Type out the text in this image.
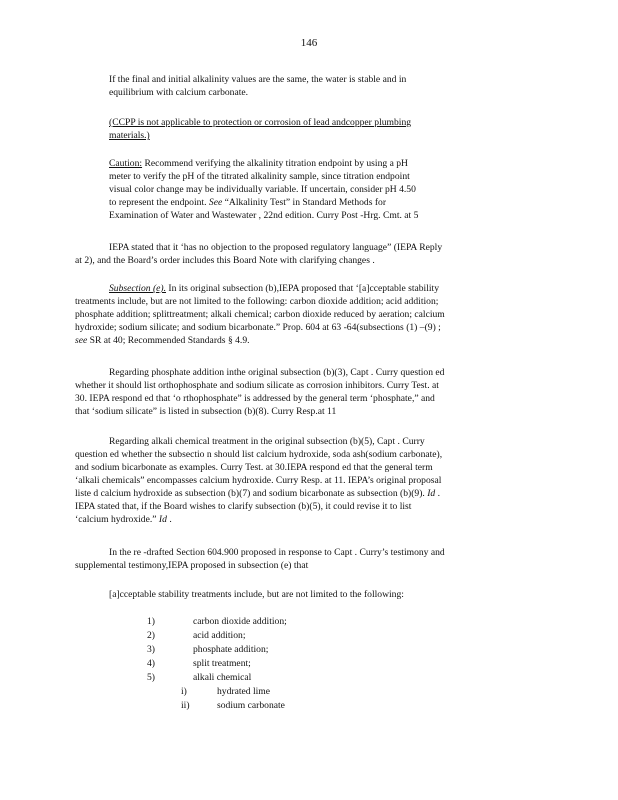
146
If the final and initial alkalinity values are the same, the water is stable and in
equilibrium with calcium carbonate.
(CCPP is not applicable to protection or corrosion of lead andcopper plumbing
materials.)
Caution: Recommend verifying the alkalinity titration endpoint by using a pH
meter to verify the pH of the titrated alkalinity sample, since titration endpoint
visual color change may be individually variable. If uncertain, consider pH 4.50
to represent the endpoint. See “Alkalinity Test” in Standard Methods for
Examination of Water and Wastewater , 22nd edition. Curry Post -Hrg. Cmt. at 5
IEPA stated that it ‘has no objection to the proposed regulatory language” (IEPA Reply
at 2), and the Board’s order includes this Board Note with clarifying changes .
Subsection (e). In its original subsection (b),IEPA proposed that ‘[a]cceptable stability
treatments include, but are not limited to the following: carbon dioxide addition; acid addition;
phosphate addition; splittreatment; alkali chemical; carbon dioxide reduced by aeration; calcium
hydroxide; sodium silicate; and sodium bicarbonate.” Prop. 604 at 63 -64(subsections (1) –(9) ;
see SR at 40; Recommended Standards § 4.9.
Regarding phosphate addition inthe original subsection (b)(3), Capt . Curry question ed
whether it should list orthophosphate and sodium silicate as corrosion inhibitors. Curry Test. at
30. IEPA respond ed that ‘o rthophosphate” is addressed by the general term ‘phosphate,” and
that ‘sodium silicate” is listed in subsection (b)(8). Curry Resp.at 11
Regarding alkali chemical treatment in the original subsection (b)(5), Capt . Curry
question ed whether the subsectio n should list calcium hydroxide, soda ash(sodium carbonate),
and sodium bicarbonate as examples. Curry Test. at 30.IEPA respond ed that the general term
‘alkali chemicals” encompasses calcium hydroxide. Curry Resp. at 11. IEPA’s original proposal
liste d calcium hydroxide as subsection (b)(7) and sodium bicarbonate as subsection (b)(9). Id .
IEPA stated that, if the Board wishes to clarify subsection (b)(5), it could revise it to list
‘calcium hydroxide.” Id .
In the re -drafted Section 604.900 proposed in response to Capt . Curry’s testimony and
supplemental testimony,IEPA proposed in subsection (e) that
[a]cceptable stability treatments include, but are not limited to the following:
1)	carbon dioxide addition;
2)	acid addition;
3)	phosphate addition;
4)	split treatment;
5)	alkali chemical
i)	hydrated lime
ii)	sodium carbonate
